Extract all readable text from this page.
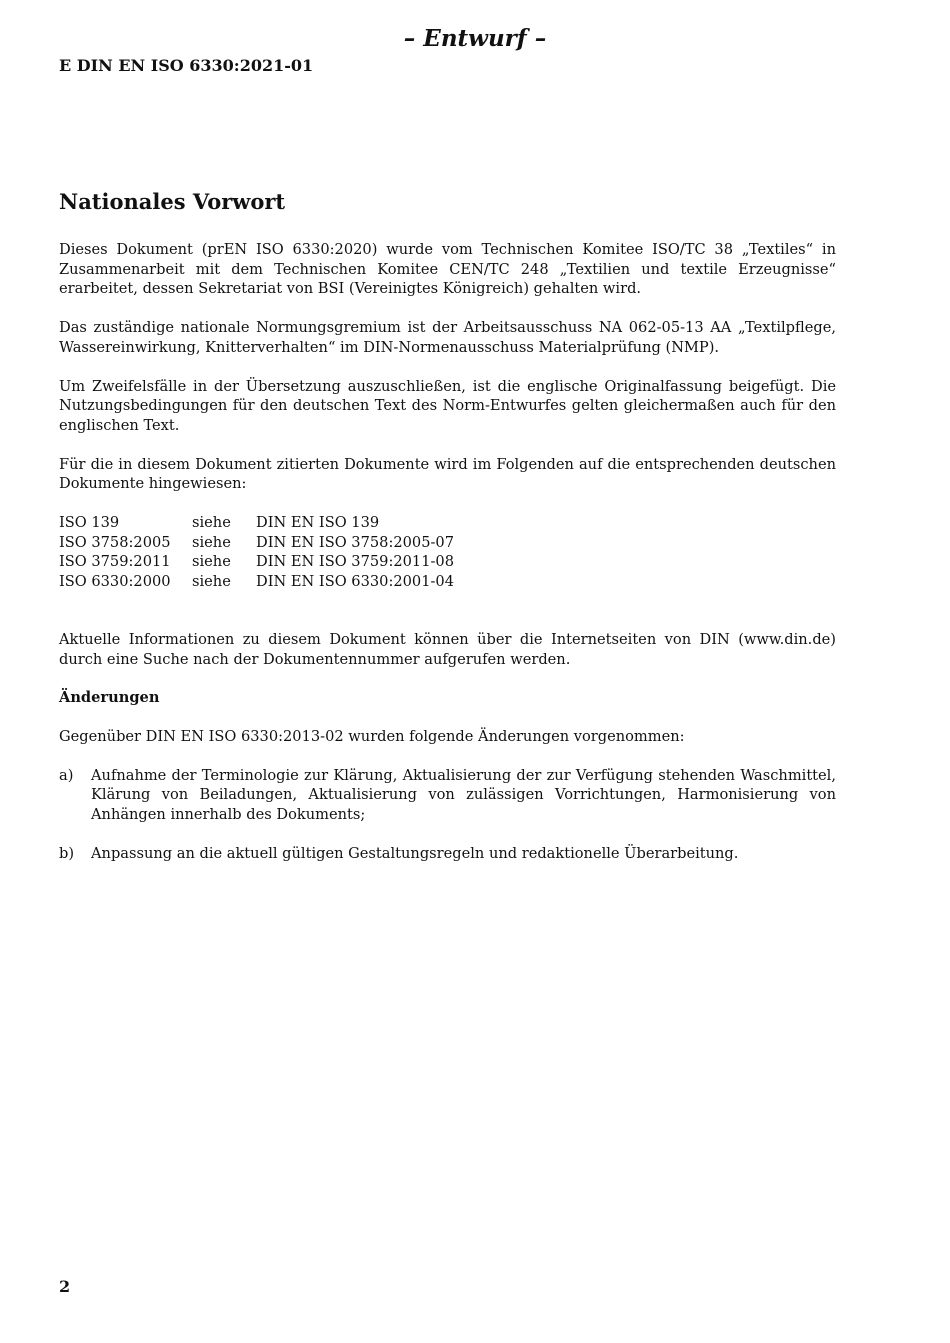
– Entwurf –
E DIN EN ISO 6330:2021-01
Nationales Vorwort

Dieses Dokument (prEN ISO 6330:2020) wurde vom Technischen Komitee ISO/TC 38 „Textiles“ in Zusammenarbeit mit dem Technischen Komitee CEN/TC 248 „Textilien und textile Erzeugnisse“ erarbeitet, dessen Sekretariat von BSI (Vereinigtes Königreich) gehalten wird.

Das zuständige nationale Normungsgremium ist der Arbeitsausschuss NA 062-05-13 AA „Textilpflege, Wassereinwirkung, Knitterverhalten“ im DIN-Normenausschuss Materialprüfung (NMP).

Um Zweifelsfälle in der Übersetzung auszuschließen, ist die englische Originalfassung beigefügt. Die Nutzungsbedingungen für den deutschen Text des Norm-Entwurfes gelten gleichermaßen auch für den englischen Text.

Für die in diesem Dokument zitierten Dokumente wird im Folgenden auf die entsprechenden deutschen Dokumente hingewiesen:

ISO 139	siehe	DIN EN ISO 139
ISO 3758:2005	siehe	DIN EN ISO 3758:2005-07
ISO 3759:2011	siehe	DIN EN ISO 3759:2011-08
ISO 6330:2000	siehe	DIN EN ISO 6330:2001-04

Aktuelle Informationen zu diesem Dokument können über die Internetseiten von DIN (www.din.de) durch eine Suche nach der Dokumentennummer aufgerufen werden.

Änderungen

Gegenüber DIN EN ISO 6330:2013-02 wurden folgende Änderungen vorgenommen:

a)	Aufnahme der Terminologie zur Klärung, Aktualisierung der zur Verfügung stehenden Waschmittel, Klärung von Beiladungen, Aktualisierung von zulässigen Vorrichtungen, Harmonisierung von Anhängen innerhalb des Dokuments;
b)	Anpassung an die aktuell gültigen Gestaltungsregeln und redaktionelle Überarbeitung.
2
